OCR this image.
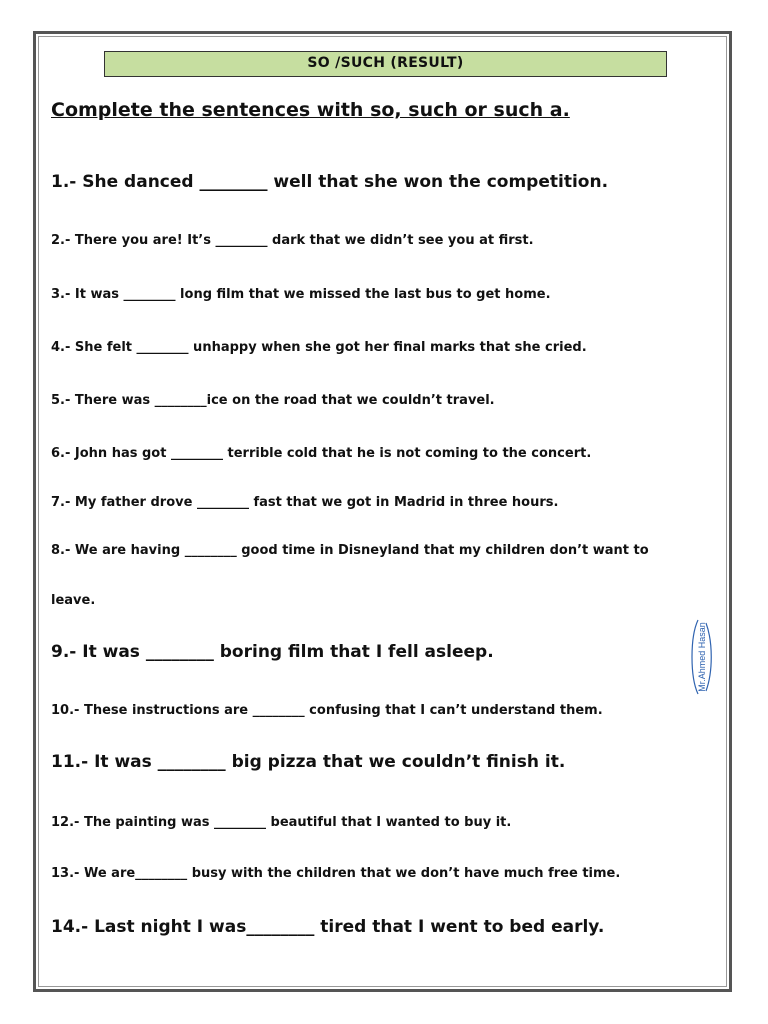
SO /SUCH (RESULT)
Complete the sentences with so, such or such a.
1.- She danced ________ well that she won the competition.
2.- There you are! It’s ________ dark that we didn’t see you at first.
3.- It was ________ long film that we missed the last bus to get home.
4.- She felt ________ unhappy when she got her final marks that she cried.
5.- There was ________ice on the road that we couldn’t travel.
6.- John has got ________ terrible cold that he is not coming to the concert.
7.- My father drove ________ fast that we got in Madrid in three hours.
8.- We are having ________ good time in Disneyland that my children don’t want to
leave.
9.- It was ________ boring film that I fell asleep.
10.- These instructions are ________ confusing that I can’t understand them.
11.- It was ________ big pizza that we couldn’t finish it.
12.- The painting was ________ beautiful that I wanted to buy it.
13.- We are________ busy with the children that we don’t have much free time.
14.- Last night I was________ tired that I went to bed early.
Mr.Ahmed Hasan
